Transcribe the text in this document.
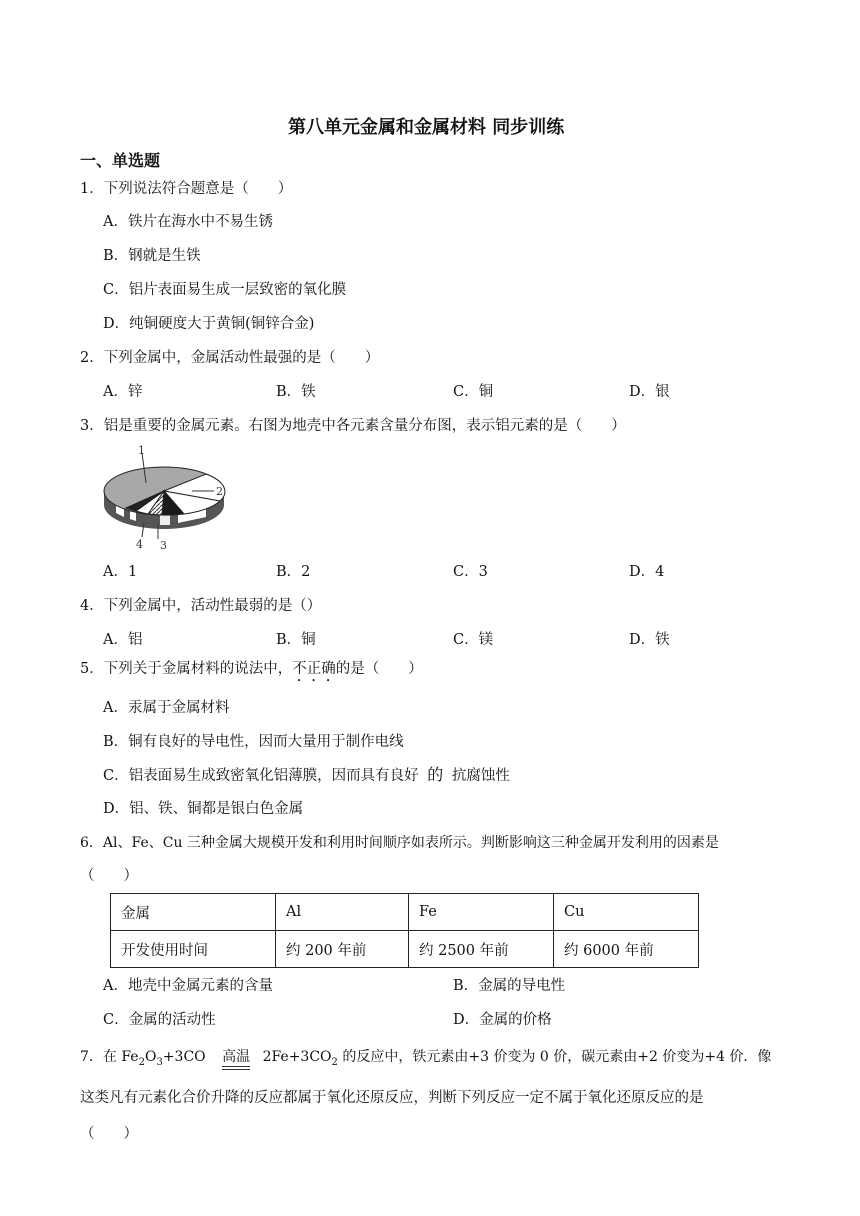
第八单元金属和金属材料 同步训练
一、单选题
1．下列说法符合题意是（　　）
A．铁片在海水中不易生锈
B．钢就是生铁
C．铝片表面易生成一层致密的氧化膜
D．纯铜硬度大于黄铜(铜锌合金)
2．下列金属中，金属活动性最强的是（　　）
A．锌	B．铁	C．铜	D．银
3．铝是重要的金属元素。右图为地壳中各元素含量分布图，表示铝元素的是（　　）
1
2
3
4
A．1	B．2	C．3	D．4
4．下列金属中，活动性最弱的是（）
A．铝	B．铜	C．镁	D．铁
5．下列关于金属材料的说法中，不正确的是（　　）
A．汞属于金属材料
B．铜有良好的导电性，因而大量用于制作电线
C．铝表面易生成致密氧化铝薄膜，因而具有良好 的 抗腐蚀性
D．铝、铁、铜都是银白色金属
6．Al、Fe、Cu 三种金属大规模开发和利用时间顺序如表所示。判断影响这三种金属开发利用的因素是
（　　）
金属	Al	Fe	Cu
开发使用时间	约 200 年前	约 2500 年前	约 6000 年前
A．地壳中金属元素的含量	B．金属的导电性
C．金属的活动性	D．金属的价格
7．在 $Fe_2O_3+3CO$ 高温 $2Fe+3CO_2$ 的反应中，铁元素由+3 价变为 0 价，碳元素由+2 价变为+4 价．像
这类凡有元素化合价升降的反应都属于氧化还原反应，判断下列反应一定不属于氧化还原反应的是
（　　）
